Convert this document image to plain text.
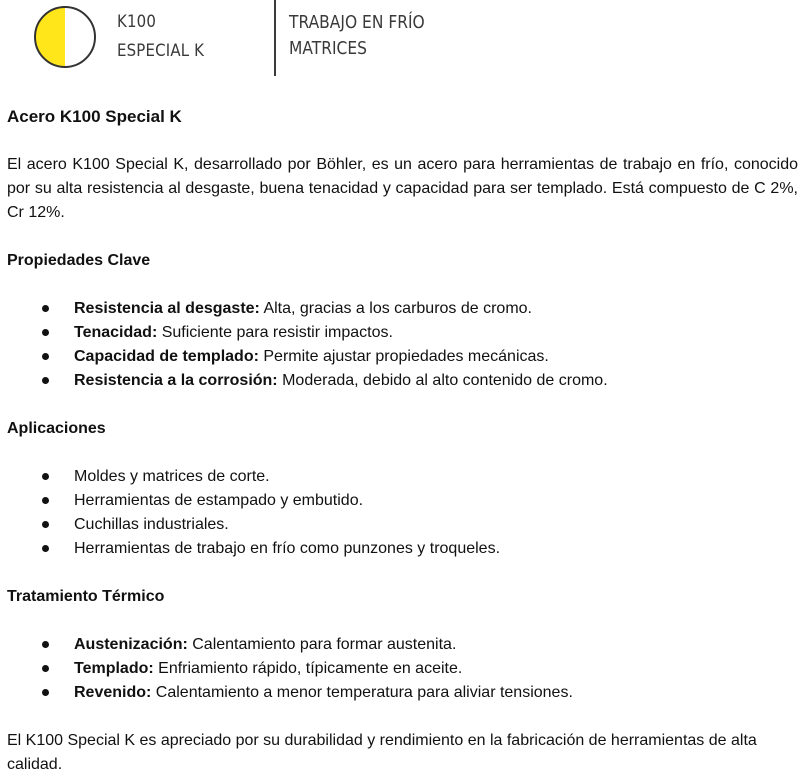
K100
ESPECIAL K
TRABAJO EN FRÍO
MATRICES
Acero K100 Special K

El acero K100 Special K, desarrollado por Böhler, es un acero para herramientas de trabajo en frío, conocido por su alta resistencia al desgaste, buena tenacidad y capacidad para ser templado. Está compuesto de C 2%, Cr 12%.

Propiedades Clave
Resistencia al desgaste: Alta, gracias a los carburos de cromo.
Tenacidad: Suficiente para resistir impactos.
Capacidad de templado: Permite ajustar propiedades mecánicas.
Resistencia a la corrosión: Moderada, debido al alto contenido de cromo.
Aplicaciones
Moldes y matrices de corte.
Herramientas de estampado y embutido.
Cuchillas industriales.
Herramientas de trabajo en frío como punzones y troqueles.
Tratamiento Térmico
Austenización: Calentamiento para formar austenita.
Templado: Enfriamiento rápido, típicamente en aceite.
Revenido: Calentamiento a menor temperatura para aliviar tensiones.

El K100 Special K es apreciado por su durabilidad y rendimiento en la fabricación de herramientas de alta calidad.
